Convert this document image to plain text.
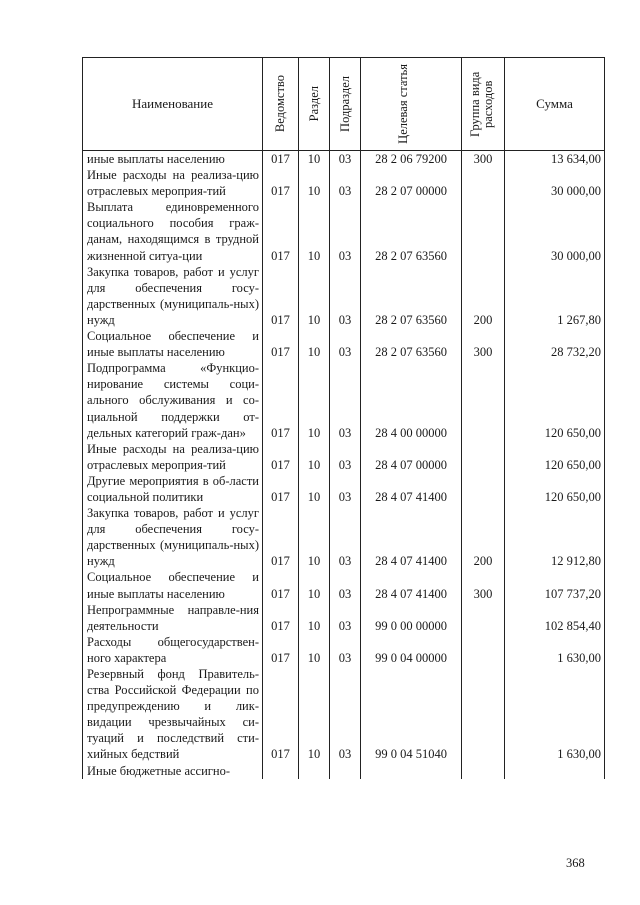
Наименование	Ведомство	Раздел	Подраздел	Целевая статья	Группа вида расходов	Сумма
иные выплаты населению	017	10	03	28 2 06 79200	300	13 634,00
Иные расходы на реализа-цию отраслевых мероприя-тий	017	10	03	28 2 07 00000		30 000,00
Выплата единовременного социального пособия граж-данам, находящимся в трудной жизненной ситуа-ции	017	10	03	28 2 07 63560		30 000,00
Закупка товаров, работ и услуг для обеспечения госу-дарственных (муниципаль-ных) нужд	017	10	03	28 2 07 63560	200	1 267,80
Социальное обеспечение и иные выплаты населению	017	10	03	28 2 07 63560	300	28 732,20
Подпрограмма «Функцио-нирование системы соци-ального обслуживания и со-циальной поддержки от-дельных категорий граж-дан»	017	10	03	28 4 00 00000		120 650,00
Иные расходы на реализа-цию отраслевых мероприя-тий	017	10	03	28 4 07 00000		120 650,00
Другие мероприятия в об-ласти социальной политики	017	10	03	28 4 07 41400		120 650,00
Закупка товаров, работ и услуг для обеспечения госу-дарственных (муниципаль-ных) нужд	017	10	03	28 4 07 41400	200	12 912,80
Социальное обеспечение и иные выплаты населению	017	10	03	28 4 07 41400	300	107 737,20
Непрограммные направле-ния деятельности	017	10	03	99 0 00 00000		102 854,40
Расходы общегосударствен-ного характера	017	10	03	99 0 04 00000		1 630,00
Резервный фонд Правитель-ства Российской Федерации по предупреждению и лик-видации чрезвычайных си-туаций и последствий сти-хийных бедствий	017	10	03	99 0 04 51040		1 630,00
Иные бюджетные ассигно-						
368
